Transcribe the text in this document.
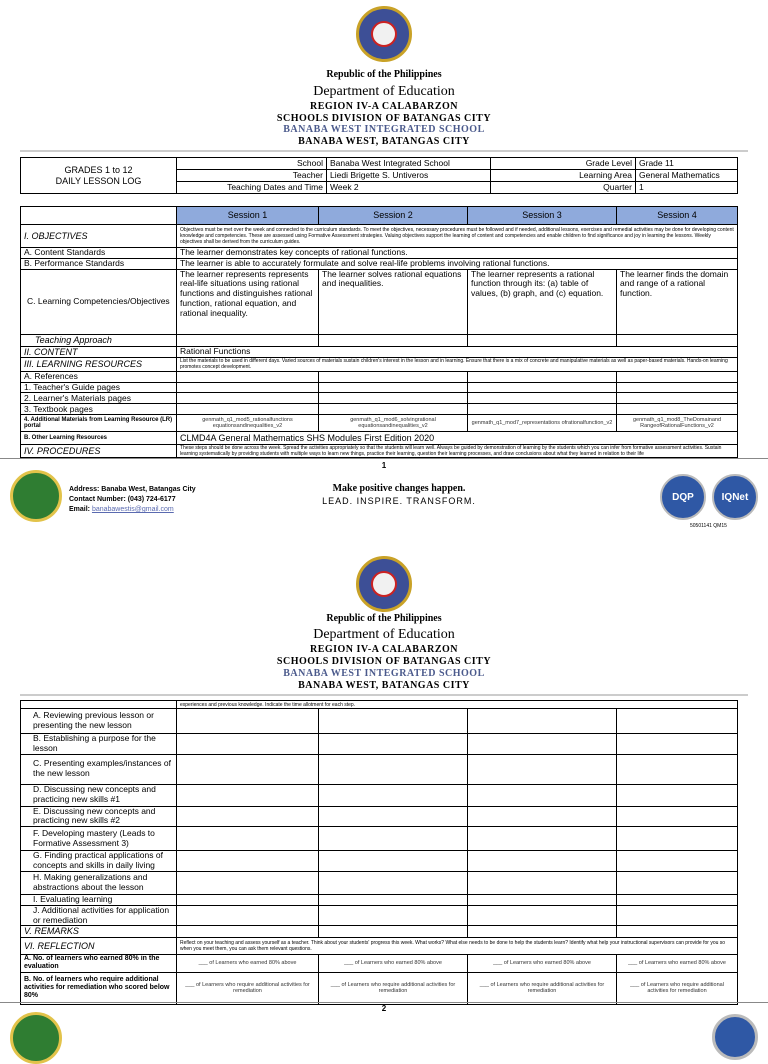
Republic of the Philippines
Department of Education
REGION IV-A CALABARZON
SCHOOLS DIVISION OF BATANGAS CITY
BANABA WEST INTEGRATED SCHOOL
BANABA WEST, BATANGAS CITY
GRADES 1 to 12
DAILY LESSON LOG	School	Banaba West Integrated School	Grade Level	Grade 11
	Teacher	Liedi Brigette S. Untiveros	Learning Area	General Mathematics
	Teaching Dates and Time	Week 2	Quarter	1
	Session 1	Session 2	Session 3	Session 4
I. OBJECTIVES	Objectives must be met over the week and connected to the curriculum standards. To meet the objectives, necessary procedures must be followed and if needed, additional lessons, exercises and remedial activities may be done for developing content knowledge and competencies. These are assessed using Formative Assessment strategies. Valuing objectives support the learning of content and competencies and enable children to find significance and joy in learning the lessons. Weekly objectives shall be derived from the curriculum guides.			
A. Content Standards	The learner demonstrates key concepts of rational functions.			
B. Performance Standards	The learner is able to accurately formulate and solve real-life problems involving rational functions.			
C. Learning Competencies/Objectives	The learner represents represents real-life situations using rational functions and distinguishes rational function, rational equation, and rational inequality.	The learner solves rational equations and inequalities.	The learner represents a rational function through its: (a) table of values, (b) graph, and (c) equation.	The learner finds the domain and range of a rational function.
Teaching Approach				
II. CONTENT	Rational Functions			
III. LEARNING RESOURCES	List the materials to be used in different days. Varied sources of materials sustain children's interest in the lesson and in learning. Ensure that there is a mix of concrete and manipulative materials as well as paper-based materials. Hands-on learning promotes concept development.			
A. References				
1. Teacher's Guide pages				
2. Learner's Materials pages				
3. Textbook pages				
4. Additional Materials from Learning Resource (LR) portal	genmath_q1_mod5_rationalfunctions equationsandinequalities_v2	genmath_q1_mod6_solvingrational equationsandinequalities_v2	genmath_q1_mod7_representations ofrationalfunction_v2	genmath_q1_mod8_TheDomainand RangeofRationalFunctions_v2
B. Other Learning Resources	CLMD4A General Mathematics SHS Modules First Edition 2020			
IV. PROCEDURES	These steps should be done across the week. Spread the activities appropriately so that the students will learn well. Always be guided by demonstration of learning by the students which you can infer from formative assessment activities. Sustain learning systematically by providing students with multiple ways to learn new things, practice their learning, question their learning processes, and draw conclusions about what they learned in relation to their life			
1
Address: Banaba West, Batangas City
Contact Number: (043) 724-6177
Email: banabawestis@gmail.com
Make positive changes happen.
LEAD. INSPIRE. TRANSFORM.	DQP	IQNet
50501141 QM15
Republic of the Philippines
Department of Education
REGION IV-A CALABARZON
SCHOOLS DIVISION OF BATANGAS CITY
BANABA WEST INTEGRATED SCHOOL
BANABA WEST, BATANGAS CITY
	experiences and previous knowledge. Indicate the time allotment for each step.			
A. Reviewing previous lesson or presenting the new lesson				
B. Establishing a purpose for the lesson				
C. Presenting examples/instances of the new lesson				
D. Discussing new concepts and practicing new skills #1				
E. Discussing new concepts and practicing new skills #2				
F. Developing mastery (Leads to Formative Assessment 3)				
G. Finding practical applications of concepts and skills in daily living				
H. Making generalizations and abstractions about the lesson				
I. Evaluating learning				
J. Additional activities for application or remediation				
V. REMARKS				
VI. REFLECTION	Reflect on your teaching and assess yourself as a teacher. Think about your students' progress this week. What works? What else needs to be done to help the students learn? Identify what help your instructional supervisors can provide for you so when you meet them, you can ask them relevant questions.			
A. No. of learners who earned 80% in the evaluation	___ of Learners who earned 80% above	___ of Learners who earned 80% above	___ of Learners who earned 80% above	___ of Learners who earned 80% above
B. No. of learners who require additional activities for remediation who scored below 80%	___ of Learners who require additional activities for remediation	___ of Learners who require additional activities for remediation	___ of Learners who require additional activities for remediation	___ of Learners who require additional activities for remediation
2
